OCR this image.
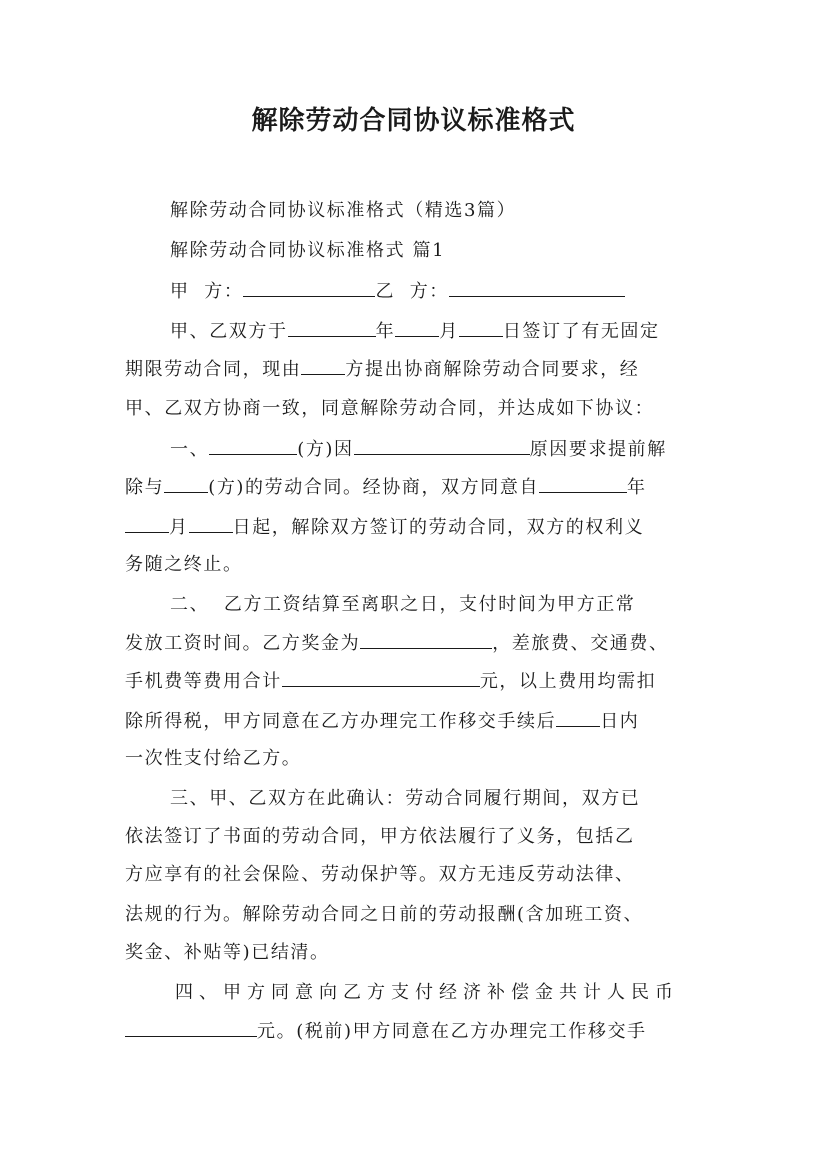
解除劳动合同协议标准格式

解除劳动合同协议标准格式（精选3篇）

解除劳动合同协议标准格式 篇1

甲  方：	乙  方：

甲、乙双方于	年 月 日签订了有无固定

期限劳动合同，现由 方提出协商解除劳动合同要求，经

甲、乙双方协商一致，同意解除劳动合同，并达成如下协议：

一、	(方)因	原因要求提前解

除与 (方)的劳动合同。经协商，双方同意自	年

月 日起，解除双方签订的劳动合同，双方的权利义

务随之终止。

二、  乙方工资结算至离职之日，支付时间为甲方正常

发放工资时间。乙方奖金为	，差旅费、交通费、

手机费等费用合计	元，以上费用均需扣

除所得税，甲方同意在乙方办理完工作移交手续后 日内

一次性支付给乙方。

三、甲、乙双方在此确认：劳动合同履行期间，双方已

依法签订了书面的劳动合同，甲方依法履行了义务，包括乙

方应享有的社会保险、劳动保护等。双方无违反劳动法律、

法规的行为。解除劳动合同之日前的劳动报酬(含加班工资、

奖金、补贴等)已结清。

四、甲方同意向乙方支付经济补偿金共计人民币

元。(税前)甲方同意在乙方办理完工作移交手
